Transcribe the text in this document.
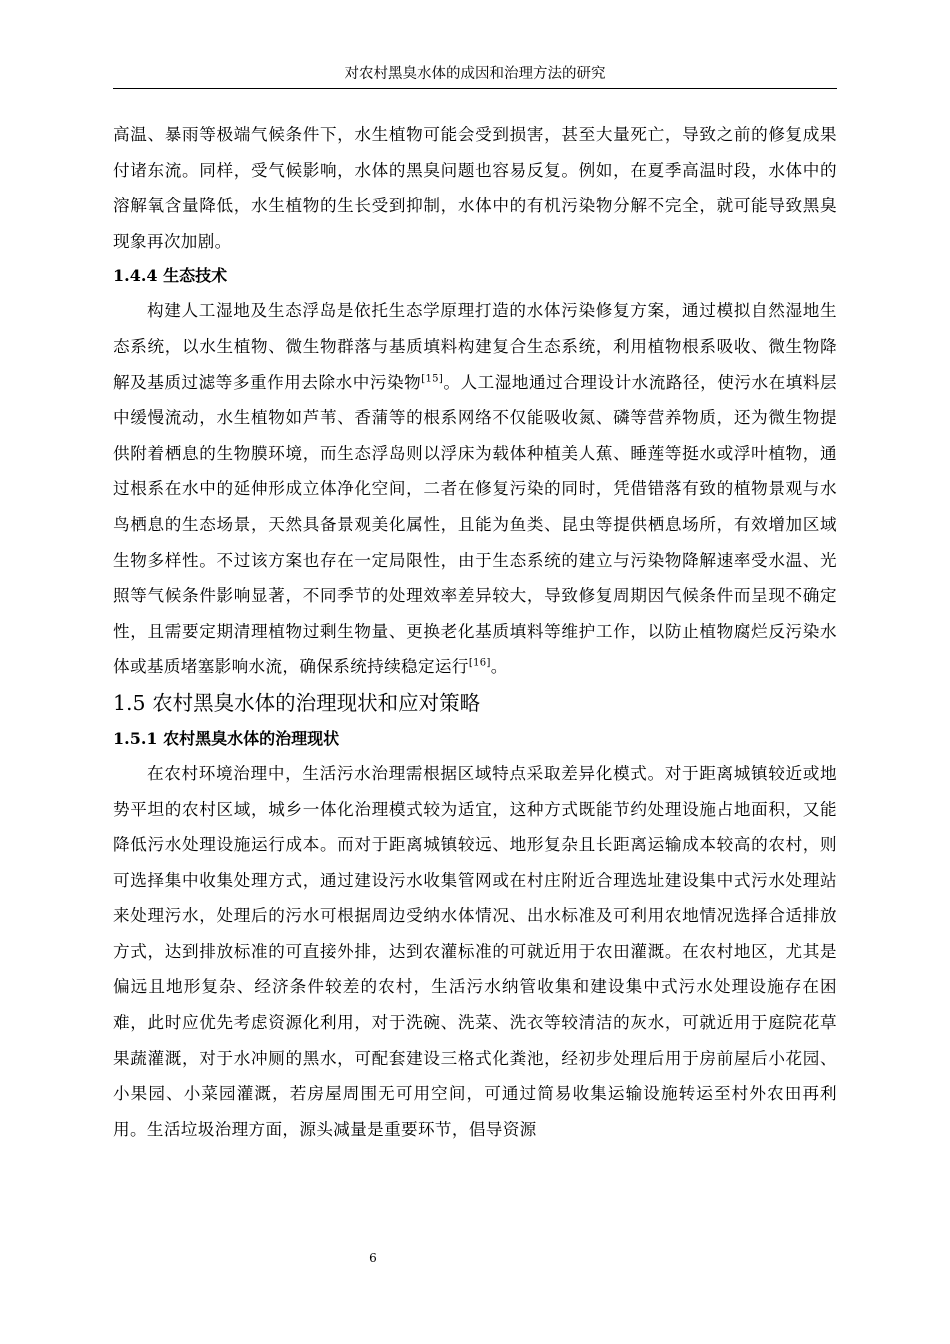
对农村黑臭水体的成因和治理方法的研究

高温、暴雨等极端气候条件下，水生植物可能会受到损害，甚至大量死亡，导致之前的修复成果付诸东流。同样，受气候影响，水体的黑臭问题也容易反复。例如，在夏季高温时段，水体中的溶解氧含量降低，水生植物的生长受到抑制，水体中的有机污染物分解不完全，就可能导致黑臭现象再次加剧。

1.4.4 生态技术

构建人工湿地及生态浮岛是依托生态学原理打造的水体污染修复方案，通过模拟自然湿地生态系统，以水生植物、微生物群落与基质填料构建复合生态系统，利用植物根系吸收、微生物降解及基质过滤等多重作用去除水中污染物[15]。人工湿地通过合理设计水流路径，使污水在填料层中缓慢流动，水生植物如芦苇、香蒲等的根系网络不仅能吸收氮、磷等营养物质，还为微生物提供附着栖息的生物膜环境，而生态浮岛则以浮床为载体种植美人蕉、睡莲等挺水或浮叶植物，通过根系在水中的延伸形成立体净化空间，二者在修复污染的同时，凭借错落有致的植物景观与水鸟栖息的生态场景，天然具备景观美化属性，且能为鱼类、昆虫等提供栖息场所，有效增加区域生物多样性。不过该方案也存在一定局限性，由于生态系统的建立与污染物降解速率受水温、光照等气候条件影响显著，不同季节的处理效率差异较大，导致修复周期因气候条件而呈现不确定性，且需要定期清理植物过剩生物量、更换老化基质填料等维护工作，以防止植物腐烂反污染水体或基质堵塞影响水流，确保系统持续稳定运行[16]。

1.5 农村黑臭水体的治理现状和应对策略
1.5.1 农村黑臭水体的治理现状

在农村环境治理中，生活污水治理需根据区域特点采取差异化模式。对于距离城镇较近或地势平坦的农村区域，城乡一体化治理模式较为适宜，这种方式既能节约处理设施占地面积，又能降低污水处理设施运行成本。而对于距离城镇较远、地形复杂且长距离运输成本较高的农村，则可选择集中收集处理方式，通过建设污水收集管网或在村庄附近合理选址建设集中式污水处理站来处理污水，处理后的污水可根据周边受纳水体情况、出水标准及可利用农地情况选择合适排放方式，达到排放标准的可直接外排，达到农灌标准的可就近用于农田灌溉。在农村地区，尤其是偏远且地形复杂、经济条件较差的农村，生活污水纳管收集和建设集中式污水处理设施存在困难，此时应优先考虑资源化利用，对于洗碗、洗菜、洗衣等较清洁的灰水，可就近用于庭院花草果蔬灌溉，对于水冲厕的黑水，可配套建设三格式化粪池，经初步处理后用于房前屋后小花园、小果园、小菜园灌溉，若房屋周围无可用空间，可通过简易收集运输设施转运至村外农田再利用。生活垃圾治理方面，源头减量是重要环节，倡导资源

6
